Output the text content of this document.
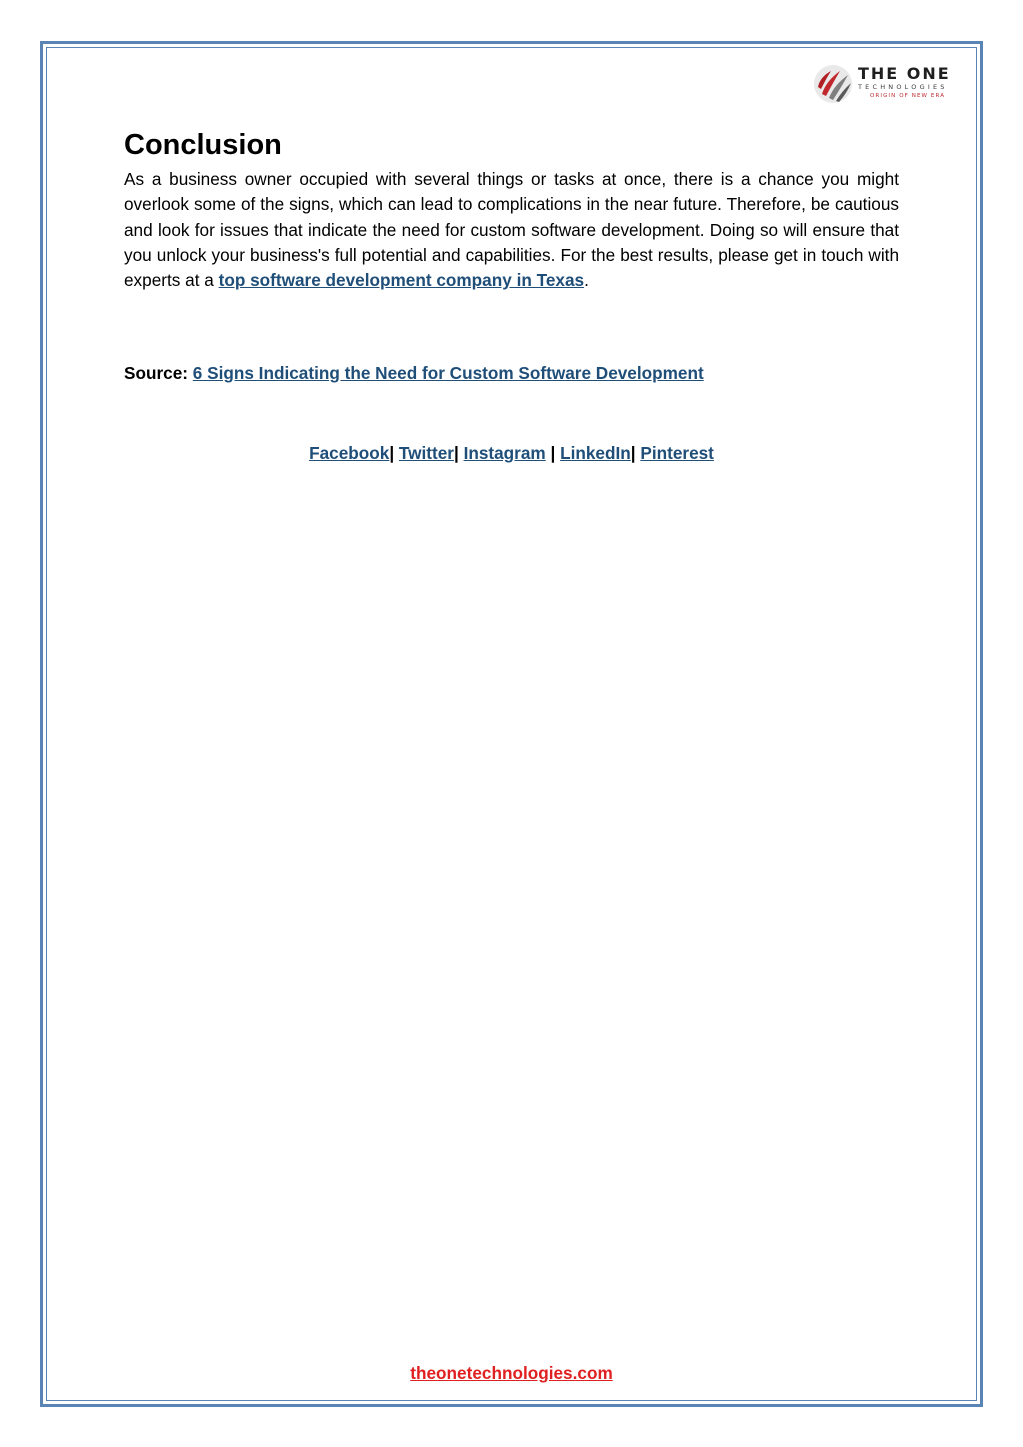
THE ONE
TECHNOLOGIES
ORIGIN OF NEW ERA
Conclusion

As a business owner occupied with several things or tasks at once, there is a chance you might overlook some of the signs, which can lead to complications in the near future. Therefore, be cautious and look for issues that indicate the need for custom software development. Doing so will ensure that you unlock your business's full potential and capabilities. For the best results, please get in touch with experts at a top software development company in Texas.

Source: 6 Signs Indicating the Need for Custom Software Development

Facebook| Twitter| Instagram | LinkedIn| Pinterest

theonetechnologies.com
